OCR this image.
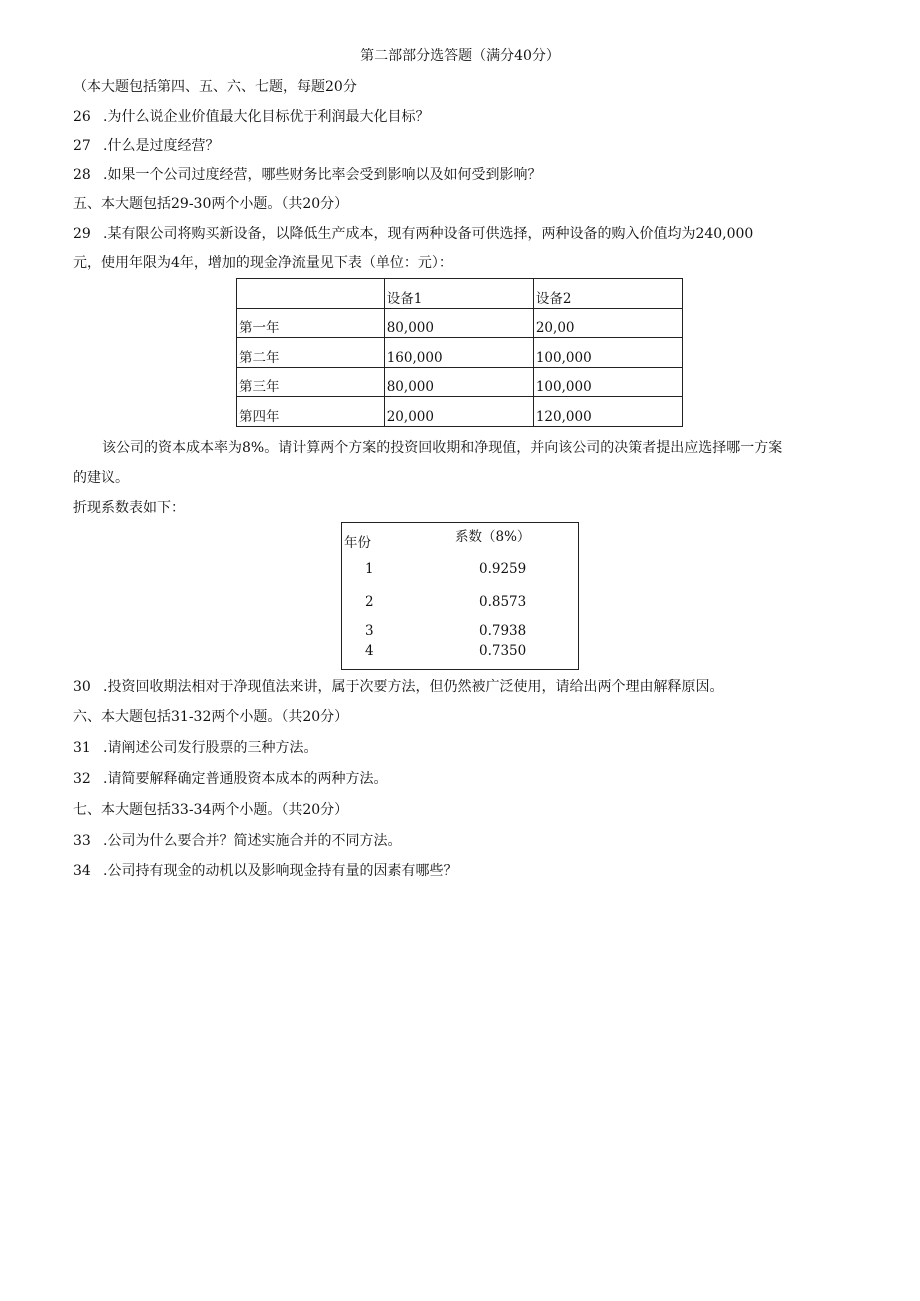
第二部部分选答题（满分40分）
（本大题包括第四、五、六、七题，每题20分
26 .为什么说企业价值最大化目标优于利润最大化目标？
27 .什么是过度经营？
28 .如果一个公司过度经营，哪些财务比率会受到影响以及如何受到影响？
五、本大题包括29-30两个小题。（共20分）
29 .某有限公司将购买新设备，以降低生产成本，现有两种设备可供选择，两种设备的购入价值均为240,000
元，使用年限为4年，增加的现金净流量见下表（单位：元）：
	设备1	设备2
第一年	80,000	20,00
第二年	160,000	100,000
第三年	80,000	100,000
第四年	20,000	120,000
该公司的资本成本率为8%。请计算两个方案的投资回收期和净现值，并向该公司的决策者提出应选择哪一方案
的建议。
折现系数表如下：
年份	系数（8%）
1	0.9259
2	0.8573
3	0.7938
4	0.7350
30 .投资回收期法相对于净现值法来讲，属于次要方法，但仍然被广泛使用，请给出两个理由解释原因。
六、本大题包括31-32两个小题。（共20分）
31 .请阐述公司发行股票的三种方法。
32 .请简要解释确定普通股资本成本的两种方法。
七、本大题包括33-34两个小题。（共20分）
33 .公司为什么要合并？简述实施合并的不同方法。
34 .公司持有现金的动机以及影响现金持有量的因素有哪些？
